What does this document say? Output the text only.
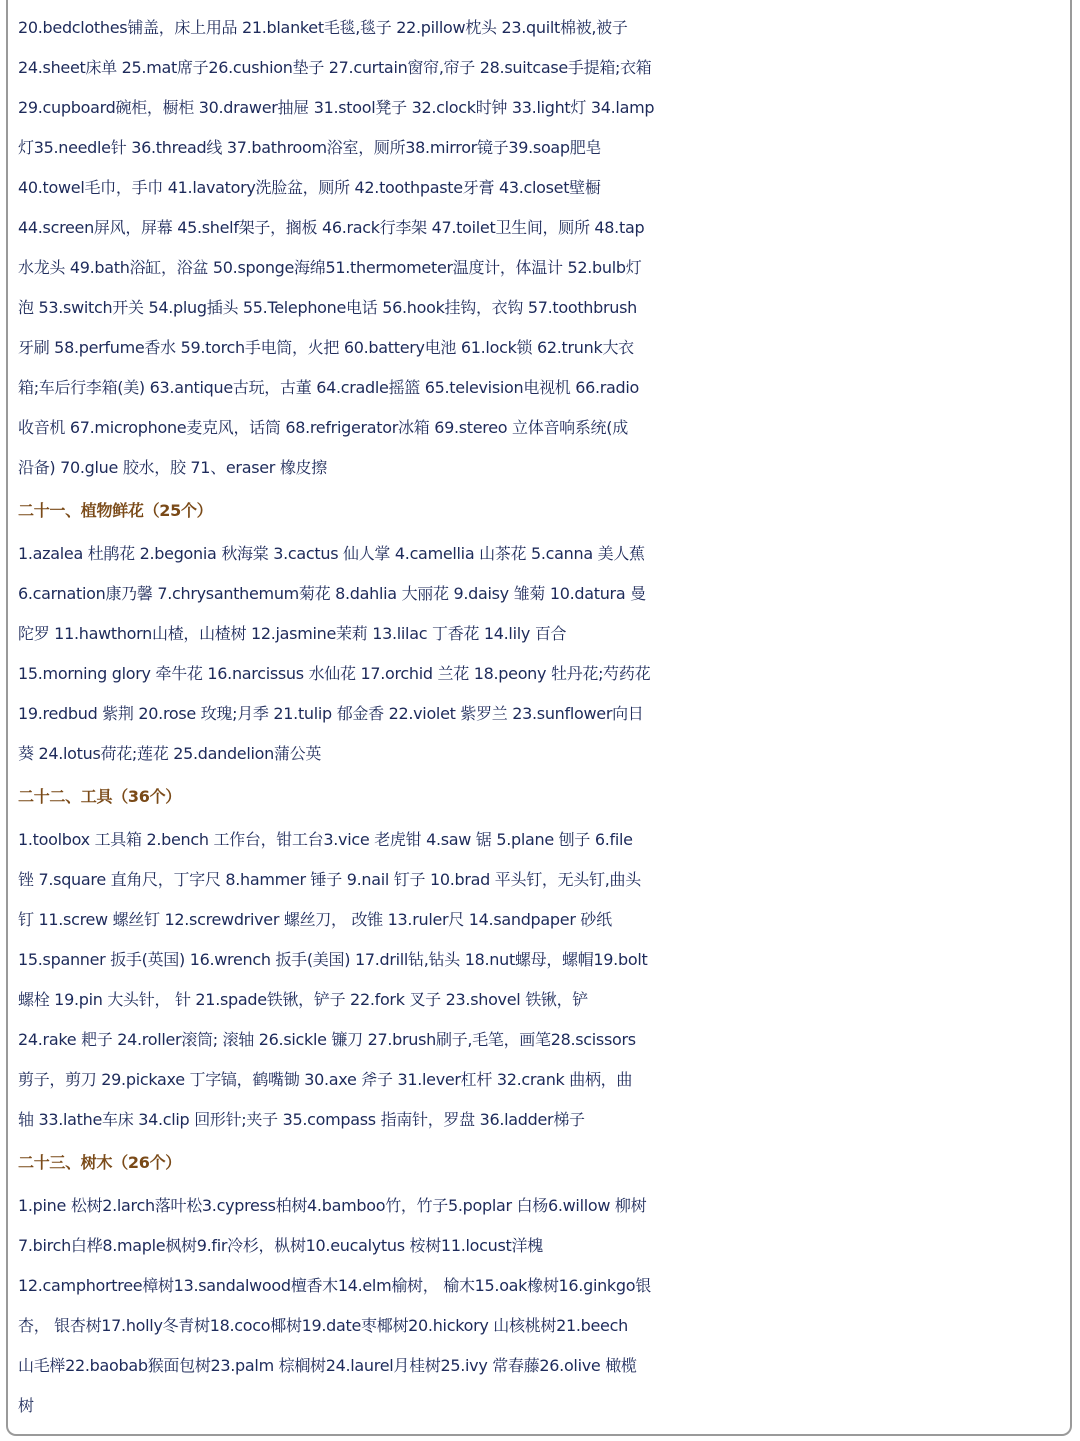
20.bedclothes铺盖，床上用品 21.blanket毛毯,毯子 22.pillow枕头 23.quilt棉被,被子
24.sheet床单 25.mat席子26.cushion垫子 27.curtain窗帘,帘子 28.suitcase手提箱;衣箱
29.cupboard碗柜，橱柜 30.drawer抽屉 31.stool凳子 32.clock时钟 33.light灯 34.lamp
灯35.needle针 36.thread线 37.bathroom浴室，厕所38.mirror镜子39.soap肥皂
40.towel毛巾，手巾 41.lavatory洗脸盆，厕所 42.toothpaste牙膏 43.closet壁橱
44.screen屏风，屏幕 45.shelf架子，搁板 46.rack行李架 47.toilet卫生间，厕所 48.tap
水龙头 49.bath浴缸，浴盆 50.sponge海绵51.thermometer温度计，体温计 52.bulb灯
泡 53.switch开关 54.plug插头 55.Telephone电话 56.hook挂钩，衣钩 57.toothbrush
牙刷 58.perfume香水 59.torch手电筒，火把 60.battery电池 61.lock锁 62.trunk大衣
箱;车后行李箱(美) 63.antique古玩，古董 64.cradle摇篮 65.television电视机 66.radio
收音机 67.microphone麦克风，话筒 68.refrigerator冰箱 69.stereo 立体音响系统(成
沿备) 70.glue 胶水，胶 71、eraser 橡皮擦
二十一、植物鲜花（25个）
1.azalea 杜鹃花 2.begonia 秋海棠 3.cactus 仙人掌 4.camellia 山茶花 5.canna 美人蕉
6.carnation康乃馨 7.chrysanthemum菊花 8.dahlia 大丽花 9.daisy 雏菊 10.datura 曼
陀罗 11.hawthorn山楂，山楂树 12.jasmine茉莉 13.lilac 丁香花 14.lily 百合
15.morning glory 牵牛花 16.narcissus 水仙花 17.orchid 兰花 18.peony 牡丹花;芍药花
19.redbud 紫荆 20.rose 玫瑰;月季 21.tulip 郁金香 22.violet 紫罗兰 23.sunflower向日
葵 24.lotus荷花;莲花 25.dandelion蒲公英
二十二、工具（36个）
1.toolbox 工具箱 2.bench 工作台，钳工台3.vice 老虎钳 4.saw 锯 5.plane 刨子 6.file
锉 7.square 直角尺，丁字尺 8.hammer 锤子 9.nail 钉子 10.brad 平头钉，无头钉,曲头
钉 11.screw 螺丝钉 12.screwdriver 螺丝刀， 改锥 13.ruler尺 14.sandpaper 砂纸
15.spanner 扳手(英国) 16.wrench 扳手(美国) 17.drill钻,钻头 18.nut螺母，螺帽19.bolt
螺栓 19.pin 大头针， 针 21.spade铁锹，铲子 22.fork 叉子 23.shovel 铁锹，铲
24.rake 耙子 24.roller滚筒; 滚轴 26.sickle 镰刀 27.brush刷子,毛笔，画笔28.scissors
剪子，剪刀 29.pickaxe 丁字镐，鹤嘴锄 30.axe 斧子 31.lever杠杆 32.crank 曲柄，曲
轴 33.lathe车床 34.clip 回形针;夹子 35.compass 指南针，罗盘 36.ladder梯子
二十三、树木（26个）
1.pine 松树2.larch落叶松3.cypress柏树4.bamboo竹，竹子5.poplar 白杨6.willow 柳树
7.birch白桦8.maple枫树9.fir冷杉，枞树10.eucalytus 桉树11.locust洋槐
12.camphortree樟树13.sandalwood檀香木14.elm榆树， 榆木15.oak橡树16.ginkgo银
杏， 银杏树17.holly冬青树18.coco椰树19.date枣椰树20.hickory 山核桃树21.beech
山毛榉22.baobab猴面包树23.palm 棕榈树24.laurel月桂树25.ivy 常春藤26.olive 橄榄
树
